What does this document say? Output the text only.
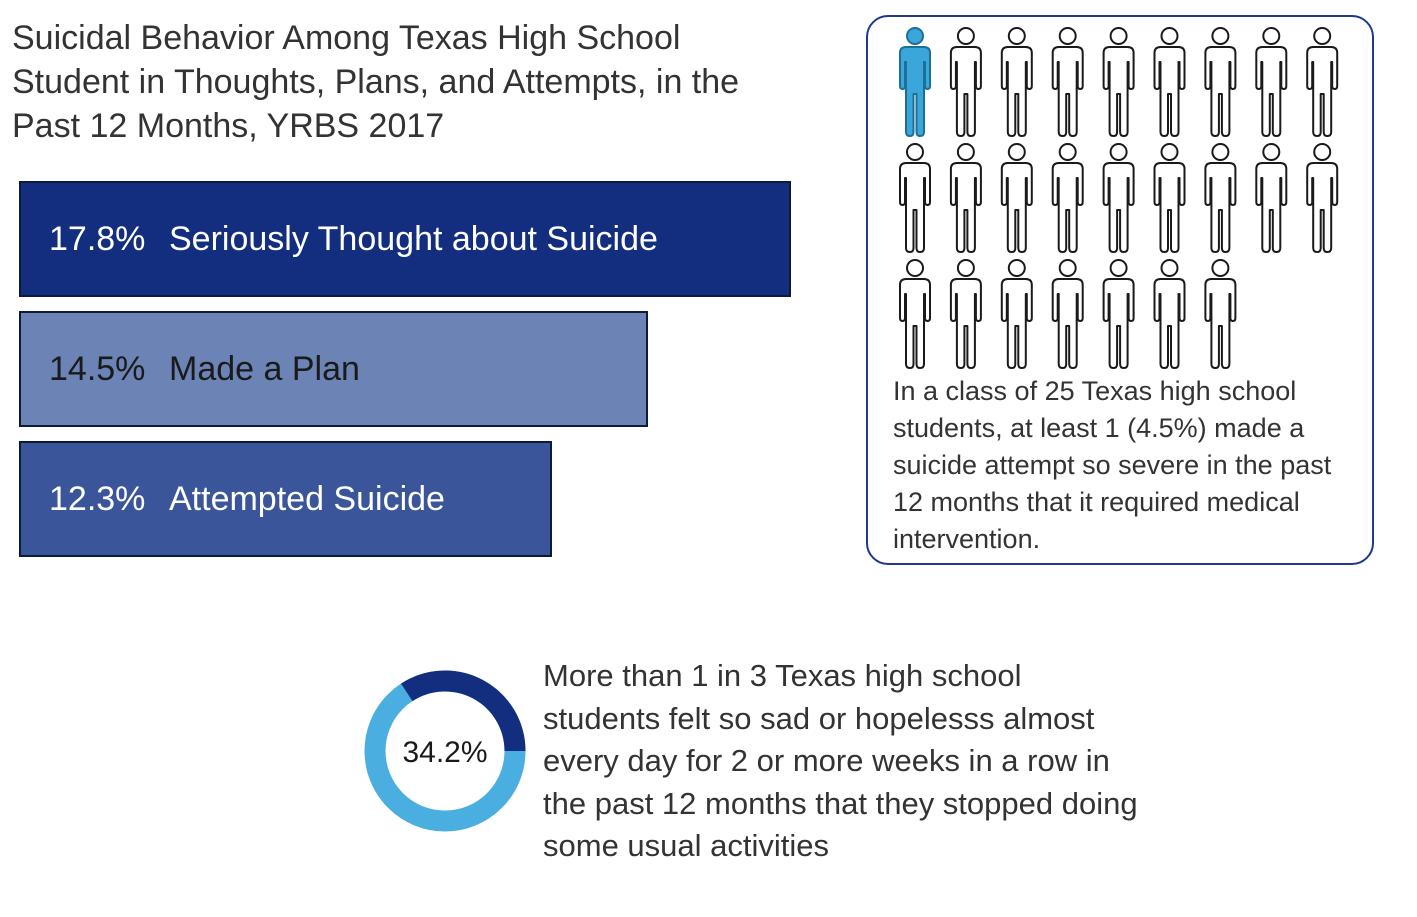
Suicidal Behavior Among Texas High School Student in Thoughts, Plans, and Attempts, in the Past 12 Months, YRBS 2017
17.8% Seriously Thought about Suicide
14.5% Made a Plan
12.3% Attempted Suicide
In a class of 25 Texas high school students, at least 1 (4.5%) made a suicide attempt so severe in the past 12 months that it required medical intervention.
34.2%
More than 1 in 3 Texas high school students felt so sad or hopelesss almost every day for 2 or more weeks in a row in the past 12 months that they stopped doing some usual activities
